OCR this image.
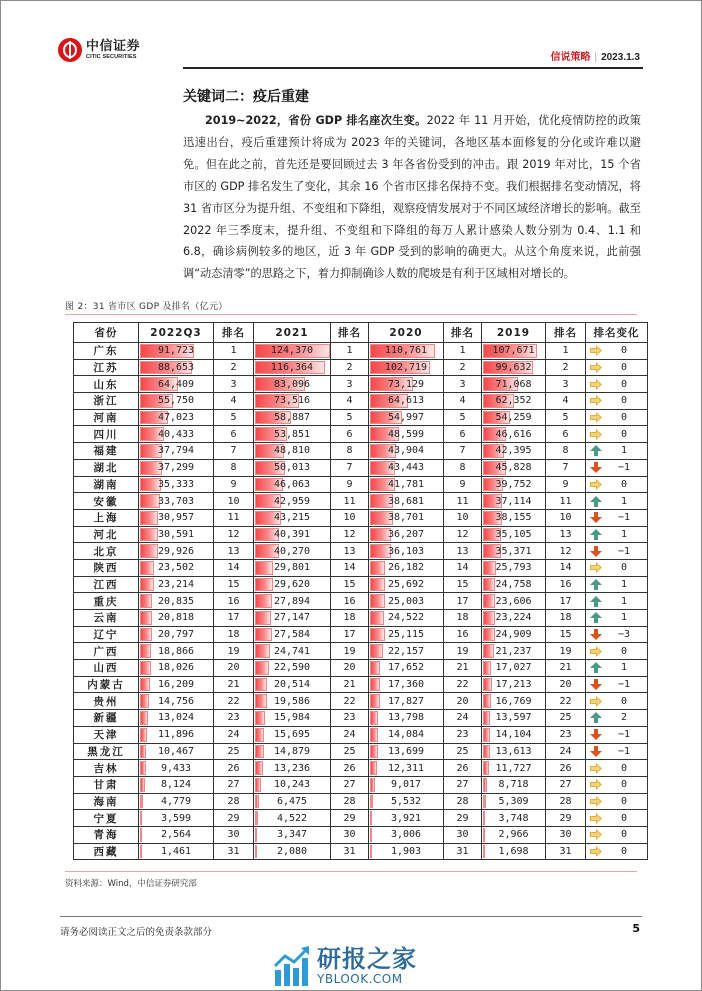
中信证券
CITIC SECURITIES	信说策略 | 2023.1.3
关键词二：疫后重建
2019~2022，省份 GDP 排名座次生变。2022 年 11 月开始，优化疫情防控的政策迅速出台，疫后重建预计将成为 2023 年的关键词，各地区基本面修复的分化或许难以避免。但在此之前，首先还是要回顾过去 3 年各省份受到的冲击。跟 2019 年对比，15 个省市区的 GDP 排名发生了变化，其余 16 个省市区排名保持不变。我们根据排名变动情况，将 31 省市区分为提升组、不变组和下降组，观察疫情发展对于不同区域经济增长的影响。截至 2022 年三季度末，提升组、不变组和下降组的每万人累计感染人数分别为 0.4、1.1 和 6.8，确诊病例较多的地区，近 3 年 GDP 受到的影响的确更大。从这个角度来说，此前强调“动态清零”的思路之下，着力抑制确诊人数的爬坡是有利于区域相对增长的。
图 2：31 省市区 GDP 及排名（亿元）
省份	2022Q3	排名	2021	排名	2020	排名	2019	排名	排名变化
广东	91,723	1	124,370	1	110,761	1	107,671	1	0

江苏	88,653	2	116,364	2	102,719	2	99,632	2	0

山东	64,409	3	83,096	3	73,129	3	71,068	3	0

浙江	55,750	4	73,516	4	64,613	4	62,352	4	0

河南	47,023	5	58,887	5	54,997	5	54,259	5	0

四川	40,433	6	53,851	6	48,599	6	46,616	6	0

福建	37,794	7	48,810	8	43,904	7	42,395	8	1

湖北	37,299	8	50,013	7	43,443	8	45,828	7	−1

湖南	35,333	9	46,063	9	41,781	9	39,752	9	0

安徽	33,703	10	42,959	11	38,681	11	37,114	11	1

上海	30,957	11	43,215	10	38,701	10	38,155	10	−1

河北	30,591	12	40,391	12	36,207	12	35,105	13	1

北京	29,926	13	40,270	13	36,103	13	35,371	12	−1

陕西	23,502	14	29,801	14	26,182	14	25,793	14	0

江西	23,214	15	29,620	15	25,692	15	24,758	16	1

重庆	20,835	16	27,894	16	25,003	17	23,606	17	1

云南	20,818	17	27,147	18	24,522	18	23,224	18	1

辽宁	20,797	18	27,584	17	25,115	16	24,909	15	−3

广西	18,866	19	24,741	19	22,157	19	21,237	19	0

山西	18,026	20	22,590	20	17,652	21	17,027	21	1

内蒙古	16,209	21	20,514	21	17,360	22	17,213	20	−1

贵州	14,756	22	19,586	22	17,827	20	16,769	22	0

新疆	13,024	23	15,984	23	13,798	24	13,597	25	2

天津	11,896	24	15,695	24	14,084	23	14,104	23	−1

黑龙江	10,467	25	14,879	25	13,699	25	13,613	24	−1

吉林	9,433	26	13,236	26	12,311	26	11,727	26	0

甘肃	8,124	27	10,243	27	9,017	27	8,718	27	0

海南	4,779	28	6,475	28	5,532	28	5,309	28	0

宁夏	3,599	29	4,522	29	3,921	29	3,748	29	0

青海	2,564	30	3,347	30	3,006	30	2,966	30	0

西藏	1,461	31	2,080	31	1,903	31	1,698	31	0
资料来源：Wind，中信证券研究部
请务必阅读正文之后的免责条款部分	5
研报之家
YBLOOK.COM
